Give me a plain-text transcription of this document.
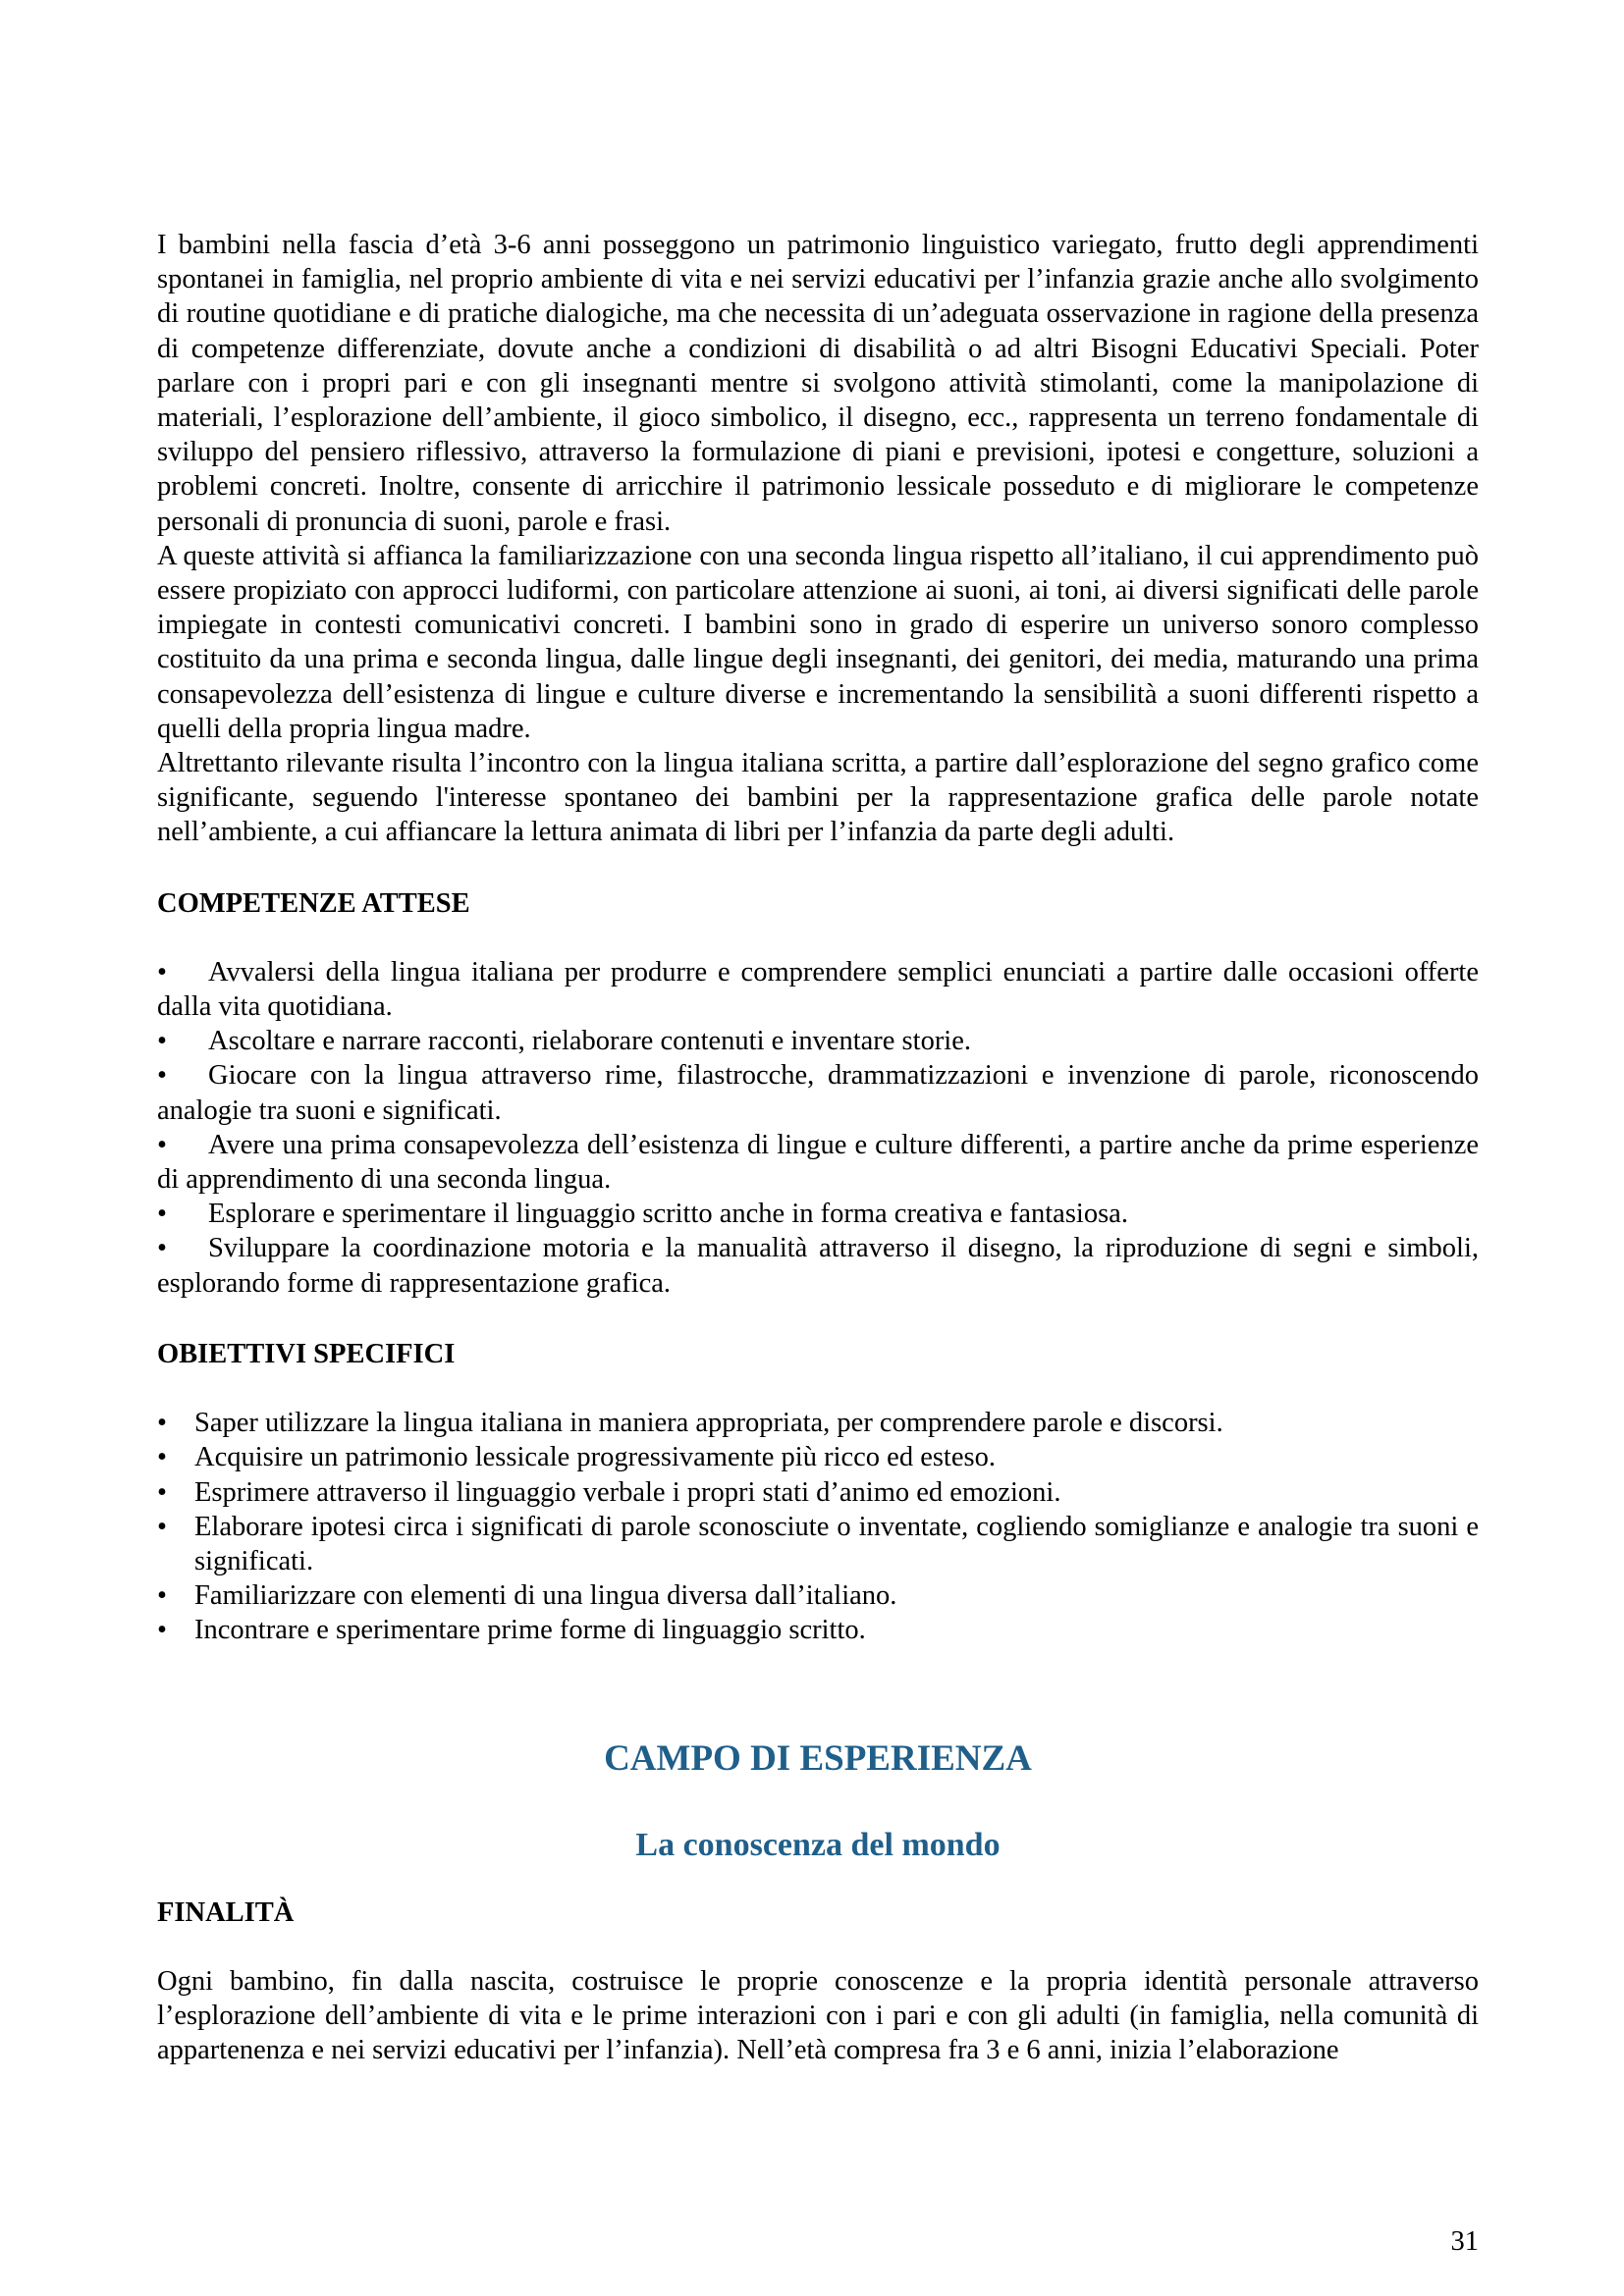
I bambini nella fascia d’età 3-6 anni posseggono un patrimonio linguistico variegato, frutto degli apprendimenti spontanei in famiglia, nel proprio ambiente di vita e nei servizi educativi per l’infanzia grazie anche allo svolgimento di routine quotidiane e di pratiche dialogiche, ma che necessita di un’adeguata osservazione in ragione della presenza di competenze differenziate, dovute anche a condizioni di disabilità o ad altri Bisogni Educativi Speciali. Poter parlare con i propri pari e con gli insegnanti mentre si svolgono attività stimolanti, come la manipolazione di materiali, l’esplorazione dell’ambiente, il gioco simbolico, il disegno, ecc., rappresenta un terreno fondamentale di sviluppo del pensiero riflessivo, attraverso la formulazione di piani e previsioni, ipotesi e congetture, soluzioni a problemi concreti. Inoltre, consente di arricchire il patrimonio lessicale posseduto e di migliorare le competenze personali di pronuncia di suoni, parole e frasi.

A queste attività si affianca la familiarizzazione con una seconda lingua rispetto all’italiano, il cui apprendimento può essere propiziato con approcci ludiformi, con particolare attenzione ai suoni, ai toni, ai diversi significati delle parole impiegate in contesti comunicativi concreti. I bambini sono in grado di esperire un universo sonoro complesso costituito da una prima e seconda lingua, dalle lingue degli insegnanti, dei genitori, dei media, maturando una prima consapevolezza dell’esistenza di lingue e culture diverse e incrementando la sensibilità a suoni differenti rispetto a quelli della propria lingua madre.

Altrettanto rilevante risulta l’incontro con la lingua italiana scritta, a partire dall’esplorazione del segno grafico come significante, seguendo l'interesse spontaneo dei bambini per la rappresentazione grafica delle parole notate nell’ambiente, a cui affiancare la lettura animata di libri per l’infanzia da parte degli adulti.

COMPETENZE ATTESE
• Avvalersi della lingua italiana per produrre e comprendere semplici enunciati a partire dalle occasioni offerte dalla vita quotidiana.
• Ascoltare e narrare racconti, rielaborare contenuti e inventare storie.
• Giocare con la lingua attraverso rime, filastrocche, drammatizzazioni e invenzione di parole, riconoscendo analogie tra suoni e significati.
• Avere una prima consapevolezza dell’esistenza di lingue e culture differenti, a partire anche da prime esperienze di apprendimento di una seconda lingua.
• Esplorare e sperimentare il linguaggio scritto anche in forma creativa e fantasiosa.
• Sviluppare la coordinazione motoria e la manualità attraverso il disegno, la riproduzione di segni e simboli, esplorando forme di rappresentazione grafica.
OBIETTIVI SPECIFICI
• Saper utilizzare la lingua italiana in maniera appropriata, per comprendere parole e discorsi.
• Acquisire un patrimonio lessicale progressivamente più ricco ed esteso.
• Esprimere attraverso il linguaggio verbale i propri stati d’animo ed emozioni.
• Elaborare ipotesi circa i significati di parole sconosciute o inventate, cogliendo somiglianze e analogie tra suoni e significati.
• Familiarizzare con elementi di una lingua diversa dall’italiano.
• Incontrare e sperimentare prime forme di linguaggio scritto.
CAMPO DI ESPERIENZA
La conoscenza del mondo
FINALITÀ

Ogni bambino, fin dalla nascita, costruisce le proprie conoscenze e la propria identità personale attraverso l’esplorazione dell’ambiente di vita e le prime interazioni con i pari e con gli adulti (in famiglia, nella comunità di appartenenza e nei servizi educativi per l’infanzia). Nell’età compresa fra 3 e 6 anni, inizia l’elaborazione

31
